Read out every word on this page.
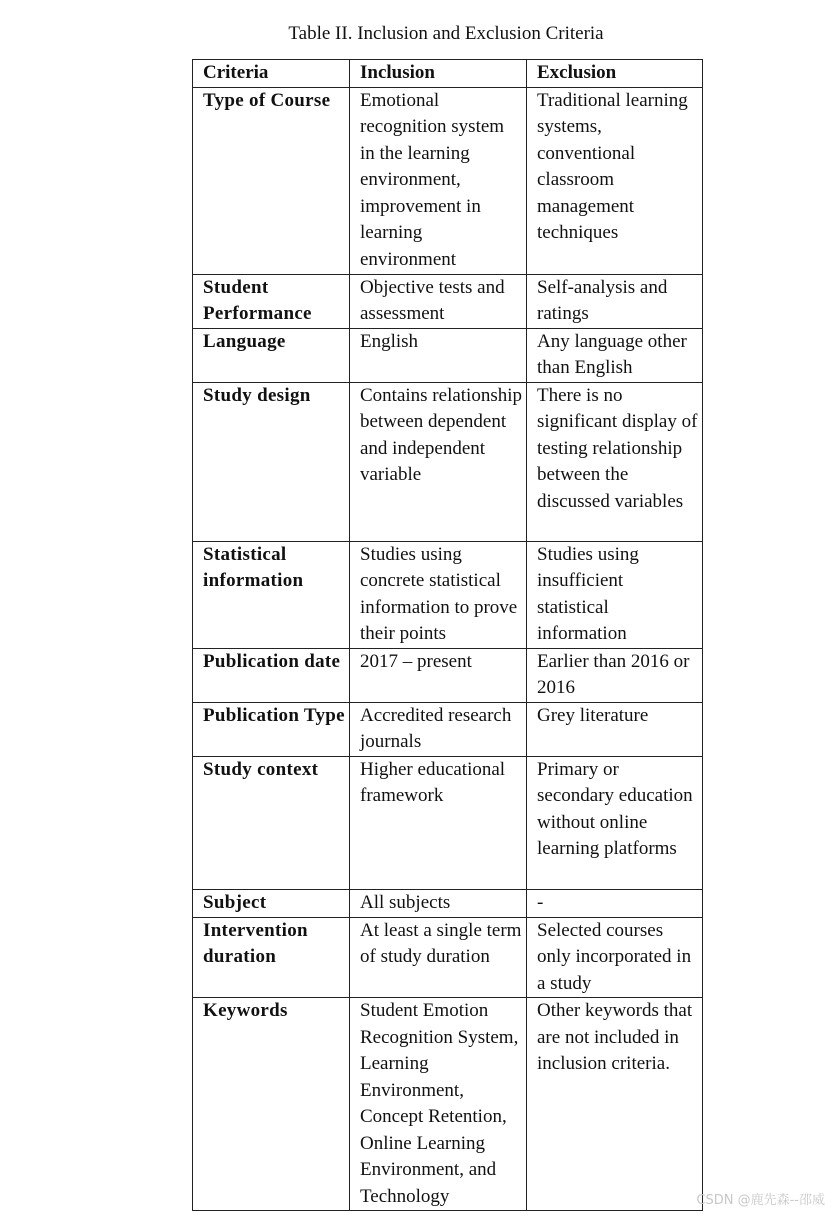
Table II. Inclusion and Exclusion Criteria
Criteria	Inclusion	Exclusion
Type of Course	Emotional recognition system in the learning environment, improvement in learning environment	Traditional learning systems, conventional classroom management techniques
Student Performance	Objective tests and assessment	Self-analysis and ratings
Language	English	Any language other than English
Study design	Contains relationship between dependent and independent variable	There is no significant display of testing relationship between the discussed variables
Statistical information	Studies using concrete statistical information to prove their points	Studies using insufficient statistical information
Publication date	2017 – present	Earlier than 2016 or 2016
Publication Type	Accredited research journals	Grey literature
Study context	Higher educational framework	Primary or secondary education without online learning platforms
Subject	All subjects	-
Intervention duration	At least a single term of study duration	Selected courses only incorporated in a study
Keywords	Student Emotion Recognition System, Learning Environment, Concept Retention, Online Learning Environment, and Technology	Other keywords that are not included in inclusion criteria.
CSDN @鹿先森--邵威
